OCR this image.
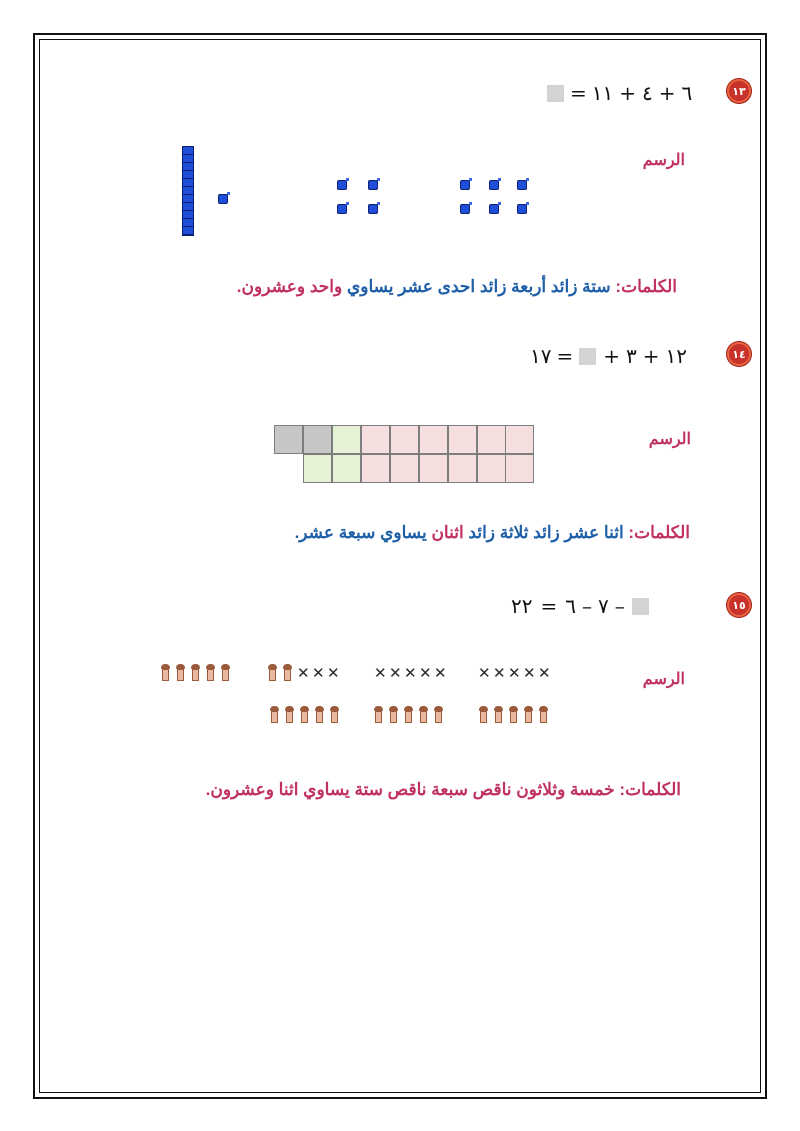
١٣
= ١١ + ٤ + ٦
الرسم
الكلمات: ستة زائد أربعة زائد احدى عشر يساوي واحد وعشرون.
١٤
١٧ = + ٣ + ١٢
الرسم
الكلمات: اثنا عشر زائد ثلاثة زائد اثنان يساوي سبعة عشر.
١٥
٢٢ = ٦ – ٧ –
الرسم
✕ ✕ ✕ ✕ ✕ ✕ ✕ ✕ ✕ ✕ ✕ ✕ ✕
الكلمات: خمسة وثلاثون ناقص سبعة ناقص ستة يساوي اثنا وعشرون.
